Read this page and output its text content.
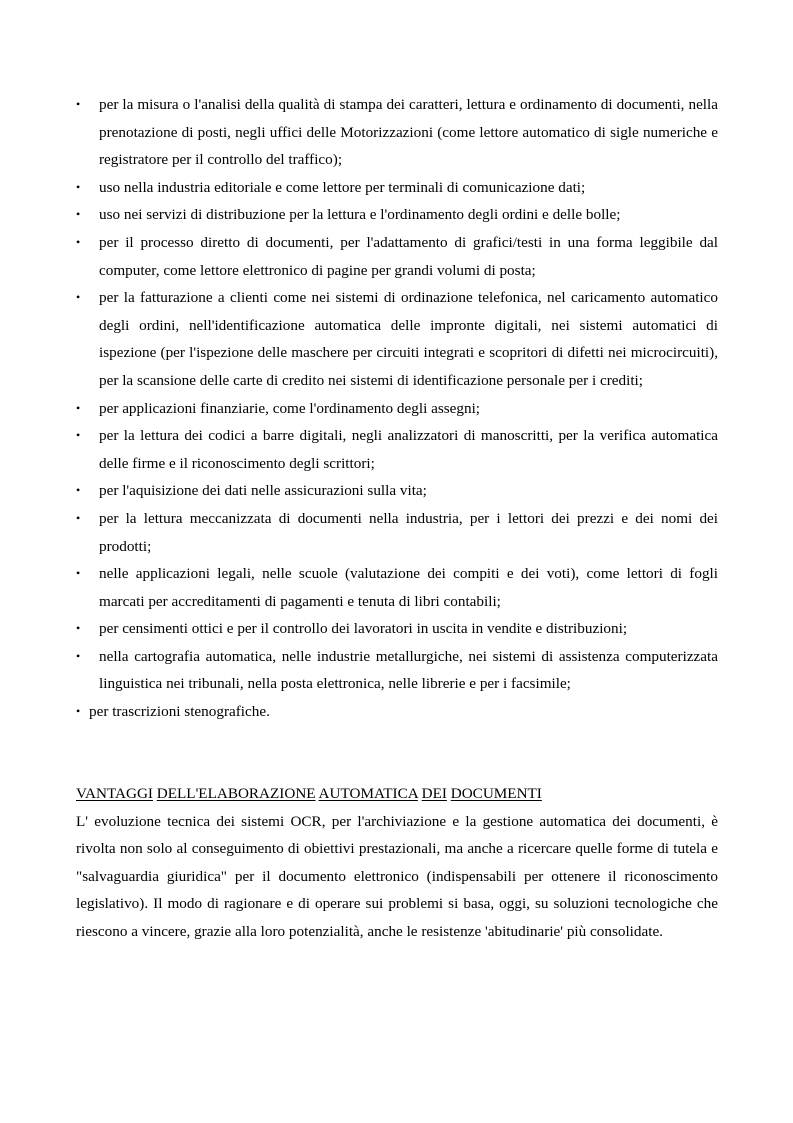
•	per la misura o l'analisi della qualità di stampa dei caratteri, lettura e ordinamento di documenti, nella prenotazione di posti, negli uffici delle Motorizzazioni (come lettore automatico di sigle numeriche e registratore per il controllo del traffico);
•	uso nella industria editoriale e come lettore per terminali di comunicazione dati;
•	uso nei servizi di distribuzione per la lettura e l'ordinamento degli ordini e delle bolle;
•	per il processo diretto di documenti, per l'adattamento di grafici/testi in una forma leggibile dal computer, come lettore elettronico di pagine per grandi volumi di posta;
•	per la fatturazione a clienti come nei sistemi di ordinazione telefonica, nel caricamento automatico degli ordini, nell'identificazione automatica delle impronte digitali, nei sistemi automatici di ispezione (per l'ispezione delle maschere per circuiti integrati e scopritori di difetti nei microcircuiti), per la scansione delle carte di credito nei sistemi di identificazione personale per i crediti;
•	per applicazioni finanziarie, come l'ordinamento degli assegni;
•	per la lettura dei codici a barre digitali, negli analizzatori di manoscritti, per la verifica automatica delle firme e il riconoscimento degli scrittori;
•	per l'aquisizione dei dati nelle assicurazioni sulla vita;
•	per la lettura meccanizzata di documenti nella industria, per i lettori dei prezzi e dei nomi dei prodotti;
•	nelle applicazioni legali, nelle scuole (valutazione dei compiti e dei voti), come lettori di fogli marcati per accreditamenti di pagamenti e tenuta di libri contabili;
•	per censimenti ottici e per il controllo dei lavoratori in uscita in vendite e distribuzioni;
•	nella cartografia automatica, nelle industrie metallurgiche, nei sistemi di assistenza computerizzata linguistica nei tribunali, nella posta elettronica, nelle librerie e per i facsimile;
• per trascrizioni stenografiche.
VANTAGGI DELL'ELABORAZIONE AUTOMATICA DEI DOCUMENTI

L' evoluzione tecnica dei sistemi OCR, per l'archiviazione e la gestione automatica dei documenti, è rivolta non solo al conseguimento di obiettivi prestazionali, ma anche a ricercare quelle forme di tutela e "salvaguardia giuridica" per il documento elettronico (indispensabili per ottenere il riconoscimento legislativo). Il modo di ragionare e di operare sui problemi si basa, oggi, su soluzioni tecnologiche che riescono a vincere, grazie alla loro potenzialità, anche le resistenze 'abitudinarie' più consolidate.
